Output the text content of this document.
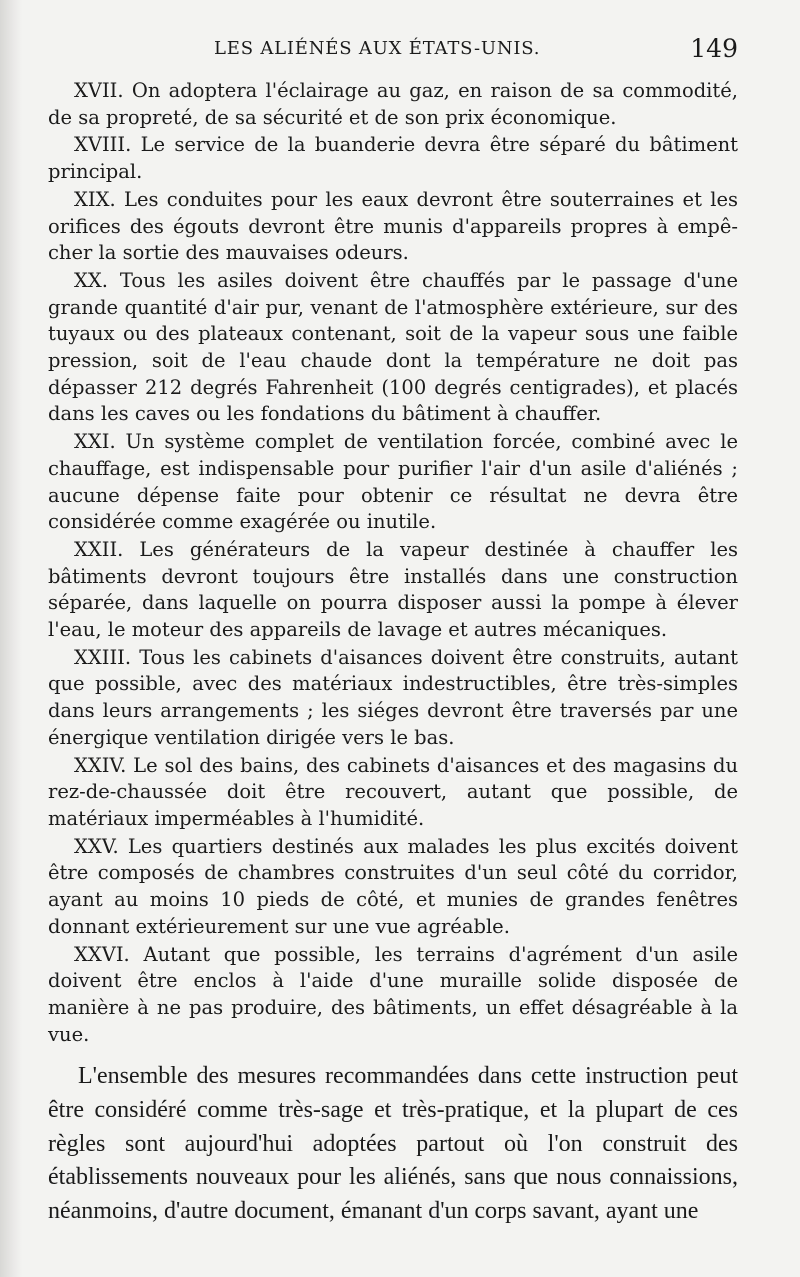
LES ALIÉNÉS AUX ÉTATS-UNIS.	149

XVII. On adoptera l'éclairage au gaz, en raison de sa commodité, de sa propreté, de sa sécurité et de son prix économique.

XVIII. Le service de la buanderie devra être séparé du bâtiment principal.

XIX. Les conduites pour les eaux devront être souterraines et les orifices des égouts devront être munis d'appareils propres à empê-cher la sortie des mauvaises odeurs.

XX. Tous les asiles doivent être chauffés par le passage d'une grande quantité d'air pur, venant de l'atmosphère extérieure, sur des tuyaux ou des plateaux contenant, soit de la vapeur sous une faible pression, soit de l'eau chaude dont la température ne doit pas dépasser 212 degrés Fahrenheit (100 degrés centigrades), et placés dans les caves ou les fondations du bâtiment à chauffer.

XXI. Un système complet de ventilation forcée, combiné avec le chauffage, est indispensable pour purifier l'air d'un asile d'aliénés ; aucune dépense faite pour obtenir ce résultat ne devra être considérée comme exagérée ou inutile.

XXII. Les générateurs de la vapeur destinée à chauffer les bâtiments devront toujours être installés dans une construction séparée, dans laquelle on pourra disposer aussi la pompe à élever l'eau, le moteur des appareils de lavage et autres mécaniques.

XXIII. Tous les cabinets d'aisances doivent être construits, autant que possible, avec des matériaux indestructibles, être très-simples dans leurs arrangements ; les siéges devront être traversés par une énergique ventilation dirigée vers le bas.

XXIV. Le sol des bains, des cabinets d'aisances et des magasins du rez-de-chaussée doit être recouvert, autant que possible, de matériaux imperméables à l'humidité.

XXV. Les quartiers destinés aux malades les plus excités doivent être composés de chambres construites d'un seul côté du corridor, ayant au moins 10 pieds de côté, et munies de grandes fenêtres donnant extérieurement sur une vue agréable.

XXVI. Autant que possible, les terrains d'agrément d'un asile doivent être enclos à l'aide d'une muraille solide disposée de manière à ne pas produire, des bâtiments, un effet désagréable à la vue.

L'ensemble des mesures recommandées dans cette instruction peut être considéré comme très-sage et très-pratique, et la plupart de ces règles sont aujourd'hui adoptées partout où l'on construit des établissements nouveaux pour les aliénés, sans que nous connaissions, néanmoins, d'autre document, émanant d'un corps savant, ayant une
